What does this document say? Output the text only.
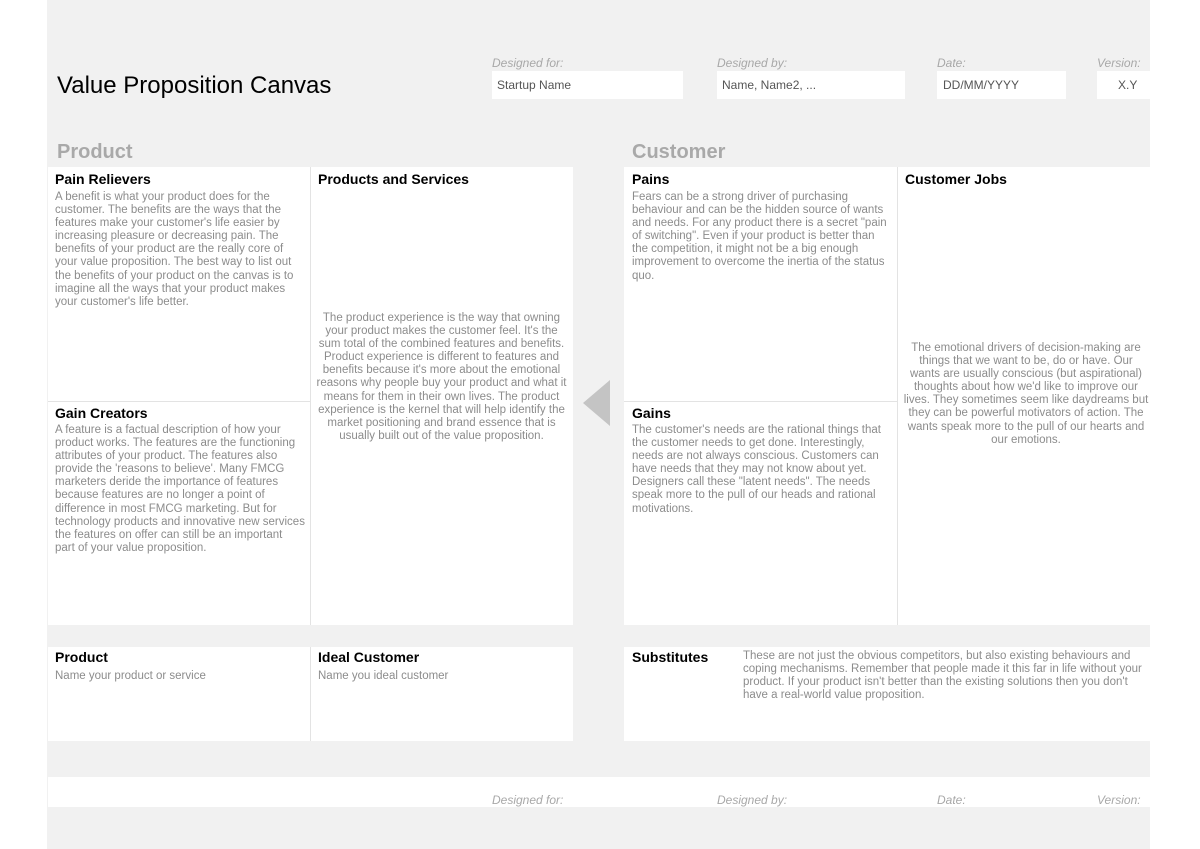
Value Proposition Canvas
Designed for:
Startup Name
Designed by:
Name, Name2, ...
Date:
DD/MM/YYYY
Version:
X.Y
Product	Customer
Pain Relievers
A benefit is what your product does for the customer. The benefits are the ways that the features make your customer's life easier by increasing pleasure or decreasing pain. The benefits of your product are the really core of your value proposition. The best way to list out the benefits of your product on the canvas is to imagine all the ways that your product makes your customer's life better.
Gain Creators
A feature is a factual description of how your product works. The features are the functioning attributes of your product. The features also provide the 'reasons to believe'. Many FMCG marketers deride the importance of features because features are no longer a point of difference in most FMCG marketing. But for technology products and innovative new services the features on offer can still be an important part of your value proposition.
Products and Services
The product experience is the way that owning your product makes the customer feel. It's the sum total of the combined features and benefits. Product experience is different to features and benefits because it's more about the emotional reasons why people buy your product and what it means for them in their own lives. The product experience is the kernel that will help identify the market positioning and brand essence that is usually built out of the value proposition.
Pains
Fears can be a strong driver of purchasing behaviour and can be the hidden source of wants and needs. For any product there is a secret "pain of switching". Even if your product is better than the competition, it might not be a big enough improvement to overcome the inertia of the status quo.
Gains
The customer's needs are the rational things that the customer needs to get done. Interestingly, needs are not always conscious. Customers can have needs that they may not know about yet. Designers call these "latent needs". The needs speak more to the pull of our heads and rational motivations.
Customer Jobs
The emotional drivers of decision-making are things that we want to be, do or have. Our wants are usually conscious (but aspirational) thoughts about how we'd like to improve our lives. They sometimes seem like daydreams but they can be powerful motivators of action. The wants speak more to the pull of our hearts and our emotions.
Product
Name your product or service
Ideal Customer
Name you ideal customer
Substitutes	These are not just the obvious competitors, but also existing behaviours and coping mechanisms. Remember that people made it this far in life without your product. If your product isn't better than the existing solutions then you don't have a real-world value proposition.
Designed for:	Designed by:	Date:	Version:
